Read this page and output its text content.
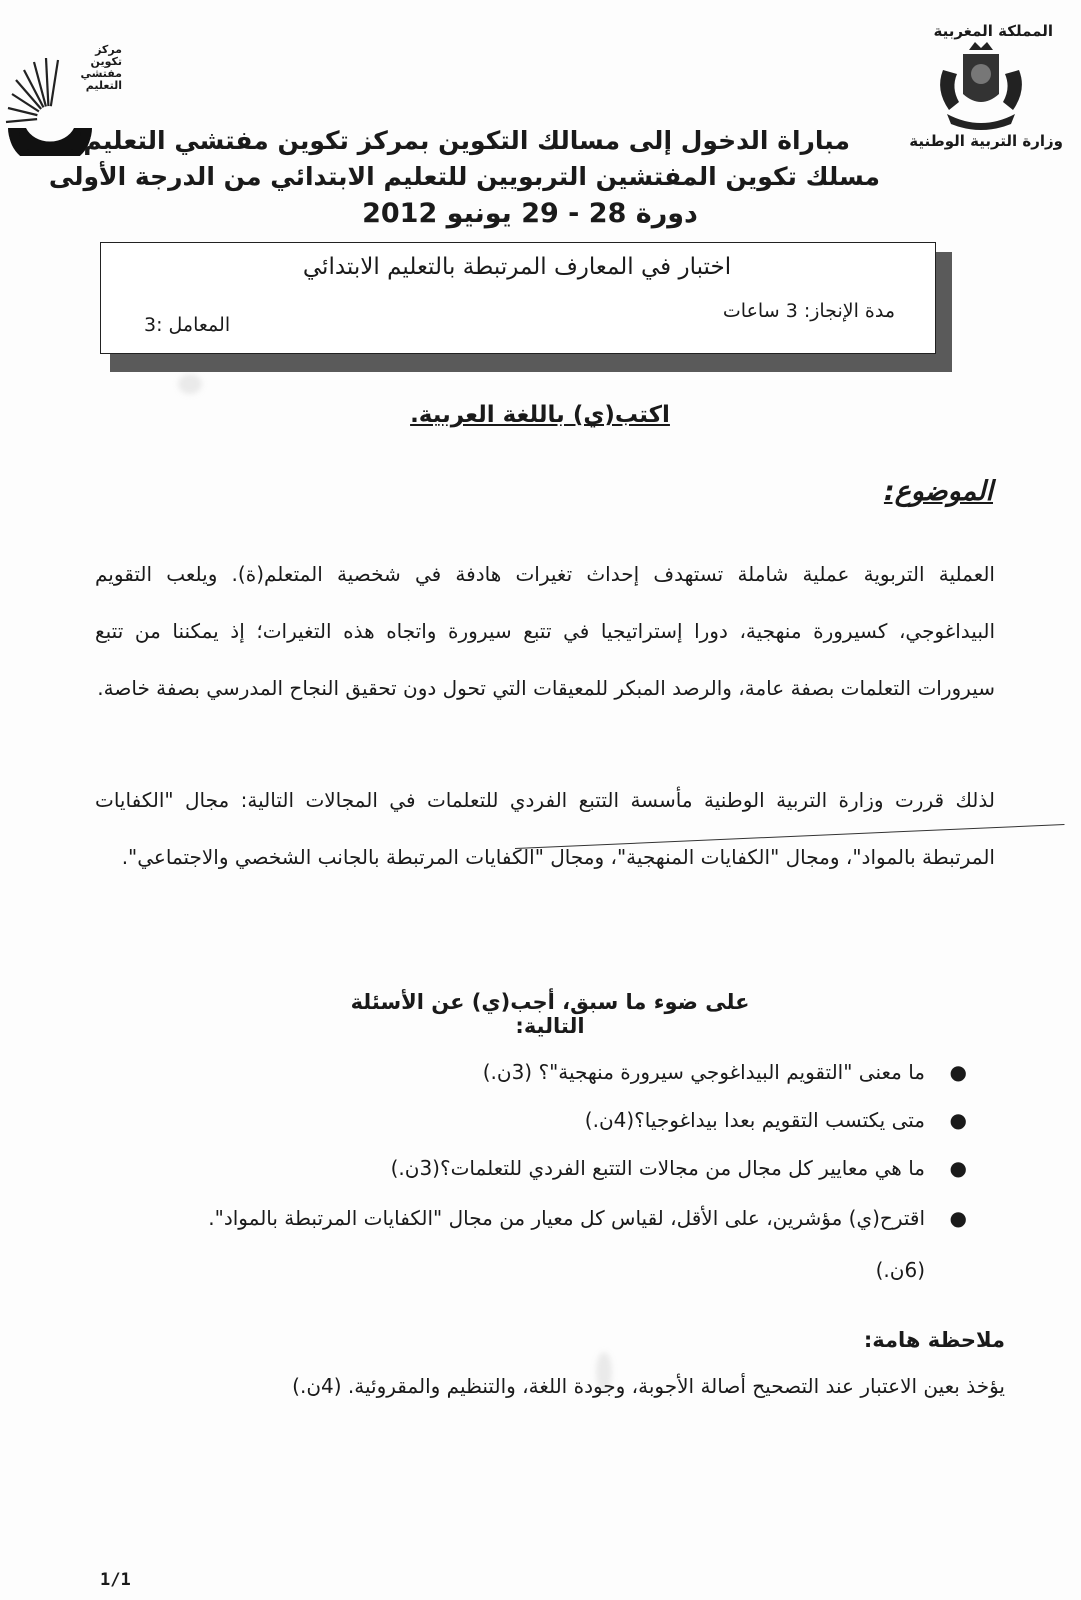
مركز تكوين مفتشي التعليم
المملكة المغربية
وزارة التربية الوطنية
مباراة الدخول إلى مسالك التكوين بمركز تكوين مفتشي التعليم
مسلك تكوين المفتشين التربويين للتعليم الابتدائي من الدرجة الأولى
دورة 28 - 29 يونيو 2012
اختبار في المعارف المرتبطة بالتعليم الابتدائي
مدة الإنجاز: 3 ساعات
المعامل :3
اكتب(ي) باللغة العربية.
الموضوع:
العملية التربوية عملية شاملة تستهدف إحداث تغيرات هادفة في شخصية المتعلم(ة). ويلعب التقويم البيداغوجي، كسيرورة منهجية، دورا إستراتيجيا في تتبع سيرورة واتجاه هذه التغيرات؛ إذ يمكننا من تتبع سيرورات التعلمات بصفة عامة، والرصد المبكر للمعيقات التي تحول دون تحقيق النجاح المدرسي بصفة خاصة.
لذلك قررت وزارة التربية الوطنية مأسسة التتبع الفردي للتعلمات في المجالات التالية: مجال "الكفايات المرتبطة بالمواد"، ومجال "الكفايات المنهجية"، ومجال "الكفايات المرتبطة بالجانب الشخصي والاجتماعي".
على ضوء ما سبق، أجب(ي) عن الأسئلة التالية:
●
ما معنى "التقويم البيداغوجي سيرورة منهجية"؟ (3ن.)
●
متى يكتسب التقويم بعدا بيداغوجيا؟(4ن.)
●
ما هي معايير كل مجال من مجالات التتبع الفردي للتعلمات؟(3ن.)
●
اقترح(ي) مؤشرين، على الأقل، لقياس كل معيار من مجال "الكفايات المرتبطة بالمواد".(6ن.)
ملاحظة هامة:
يؤخذ بعين الاعتبار عند التصحيح أصالة الأجوبة، وجودة اللغة، والتنظيم والمقروئية. (4ن.)
1/1
